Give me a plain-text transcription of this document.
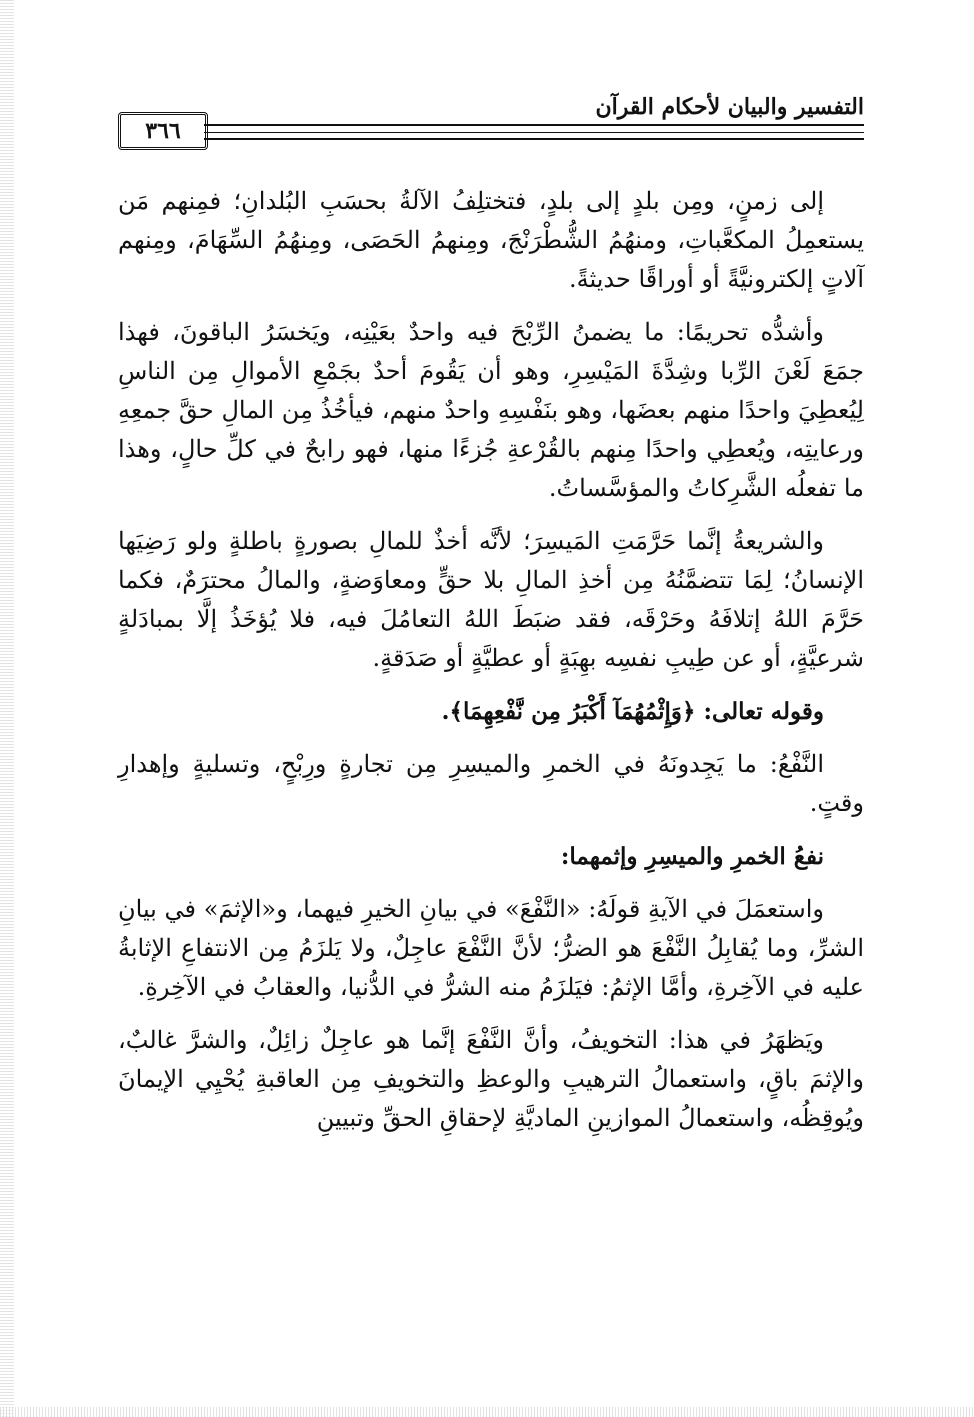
التفسير والبيان لأحكام القرآن
٣٦٦

إلى زمنٍ، ومِن بلدٍ إلى بلدٍ، فتختلِفُ الآلةُ بحسَبِ البُلدانِ؛ فمِنهم مَن يستعمِلُ المكعَّباتِ، ومنهُمُ الشُّطْرَنْجَ، ومِنهمُ الحَصَى، ومِنهُمُ السِّهَامَ، ومِنهم آلاتٍ إلكترونيَّةً أو أوراقًا حديثةً.

وأشدُّه تحريمًا: ما يضمنُ الرِّبْحَ فيه واحدٌ بعَيْنِه، ويَخسَرُ الباقونَ، فهذا جمَعَ لَعْنَ الرِّبا وشِدَّةَ المَيْسِرِ، وهو أن يَقُومَ أحدٌ بجَمْعِ الأموالِ مِن الناسِ لِيُعطِيَ واحدًا منهم بعضَها، وهو بنَفْسِهِ واحدٌ منهم، فيأخُذُ مِن المالِ حقَّ جمعِهِ ورعايتِه، ويُعطِي واحدًا مِنهم بالقُرْعةِ جُزءًا منها، فهو رابحٌ في كلِّ حالٍ، وهذا ما تفعلُه الشَّرِكاتُ والمؤسَّساتُ.

والشريعةُ إنَّما حَرَّمَتِ المَيسِرَ؛ لأنَّه أخذٌ للمالِ بصورةٍ باطلةٍ ولو رَضِيَها الإنسانُ؛ لِمَا تتضمَّنُهُ مِن أخذِ المالِ بلا حقٍّ ومعاوَضةٍ، والمالُ محترَمٌ، فكما حَرَّمَ اللهُ إتلافَهُ وحَرْقَه، فقد ضبَطَ اللهُ التعامُلَ فيه، فلا يُؤخَذُ إلَّا بمبادَلةٍ شرعيَّةٍ، أو عن طِيبِ نفسِه بهِبَةٍ أو عطيَّةٍ أو صَدَقةٍ.

وقوله تعالى: ﴿وَإِثْمُهُمَآ أَكْبَرُ مِن نَّفْعِهِمَا﴾.

النَّفْعُ: ما يَجِدونَهُ في الخمرِ والميسِرِ مِن تجارةٍ ورِبْحٍ، وتسليةٍ وإهدارِ وقتٍ.

نفعُ الخمرِ والميسِرِ وإثمهما:

واستعمَلَ في الآيةِ قولَهُ: «النَّفْعَ» في بيانِ الخيرِ فيهما، و«الإثمَ» في بيانِ الشرِّ، وما يُقابِلُ النَّفْعَ هو الضرُّ؛ لأنَّ النَّفْعَ عاجِلٌ، ولا يَلزَمُ مِن الانتفاعِ الإثابةُ عليه في الآخِرةِ، وأمَّا الإثمُ: فيَلزَمُ منه الشرُّ في الدُّنيا، والعقابُ في الآخِرةِ.

ويَظهَرُ في هذا: التخويفُ، وأنَّ النَّفْعَ إنَّما هو عاجِلٌ زائِلٌ، والشرَّ غالبٌ، والإثمَ باقٍ، واستعمالُ الترهيبِ والوعظِ والتخويفِ مِن العاقبةِ يُحْيِي الإيمانَ ويُوقِظُه، واستعمالُ الموازينِ الماديَّةِ لإحقاقِ الحقِّ وتبيينِ
